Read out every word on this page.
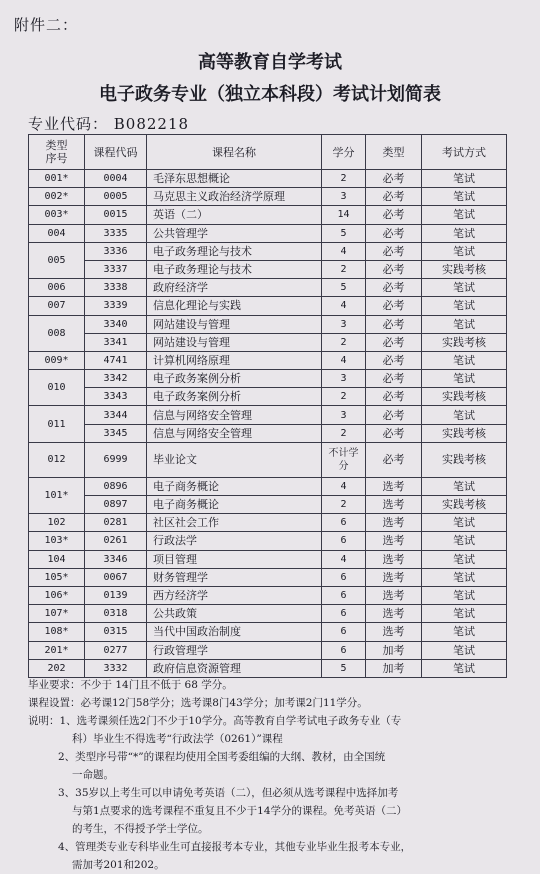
附件二：
高等教育自学考试
电子政务专业（独立本科段）考试计划简表
专业代码： B082218
类型
序号	课程代码	课程名称	学分	类型	考试方式
001*	0004	毛泽东思想概论	2	必考	笔试
002*	0005	马克思主义政治经济学原理	3	必考	笔试
003*	0015	英语（二）	14	必考	笔试
004	3335	公共管理学	5	必考	笔试
005	3336	电子政务理论与技术	4	必考	笔试
	3337	电子政务理论与技术	2	必考	实践考核
006	3338	政府经济学	5	必考	笔试
007	3339	信息化理论与实践	4	必考	笔试
008	3340	网站建设与管理	3	必考	笔试
	3341	网站建设与管理	2	必考	实践考核
009*	4741	计算机网络原理	4	必考	笔试
010	3342	电子政务案例分析	3	必考	笔试
	3343	电子政务案例分析	2	必考	实践考核
011	3344	信息与网络安全管理	3	必考	笔试
	3345	信息与网络安全管理	2	必考	实践考核
012	6999	毕业论文	不计学分	必考	实践考核
101*	0896	电子商务概论	4	选考	笔试
	0897	电子商务概论	2	选考	实践考核
102	0281	社区社会工作	6	选考	笔试
103*	0261	行政法学	6	选考	笔试
104	3346	项目管理	4	选考	笔试
105*	0067	财务管理学	6	选考	笔试
106*	0139	西方经济学	6	选考	笔试
107*	0318	公共政策	6	选考	笔试
108*	0315	当代中国政治制度	6	选考	笔试
201*	0277	行政管理学	6	加考	笔试
202	3332	政府信息资源管理	5	加考	笔试

毕业要求：不少于 14门且不低于 68 学分。

课程设置：必考课12门58学分；选考课8门43学分；加考课2门11学分。

说明：1、选考课须任选2门不少于10学分。高等教育自学考试电子政务专业（专

科）毕业生不得选考“行政法学（0261）”课程

2、类型序号带“*”的课程均使用全国考委组编的大纲、教材，由全国统

一命题。

3、35岁以上考生可以申请免考英语（二），但必须从选考课程中选择加考

与第1点要求的选考课程不重复且不少于14学分的课程。免考英语（二）

的考生，不得授予学士学位。

4、管理类专业专科毕业生可直接报考本专业，其他专业毕业生报考本专业，

需加考201和202。
